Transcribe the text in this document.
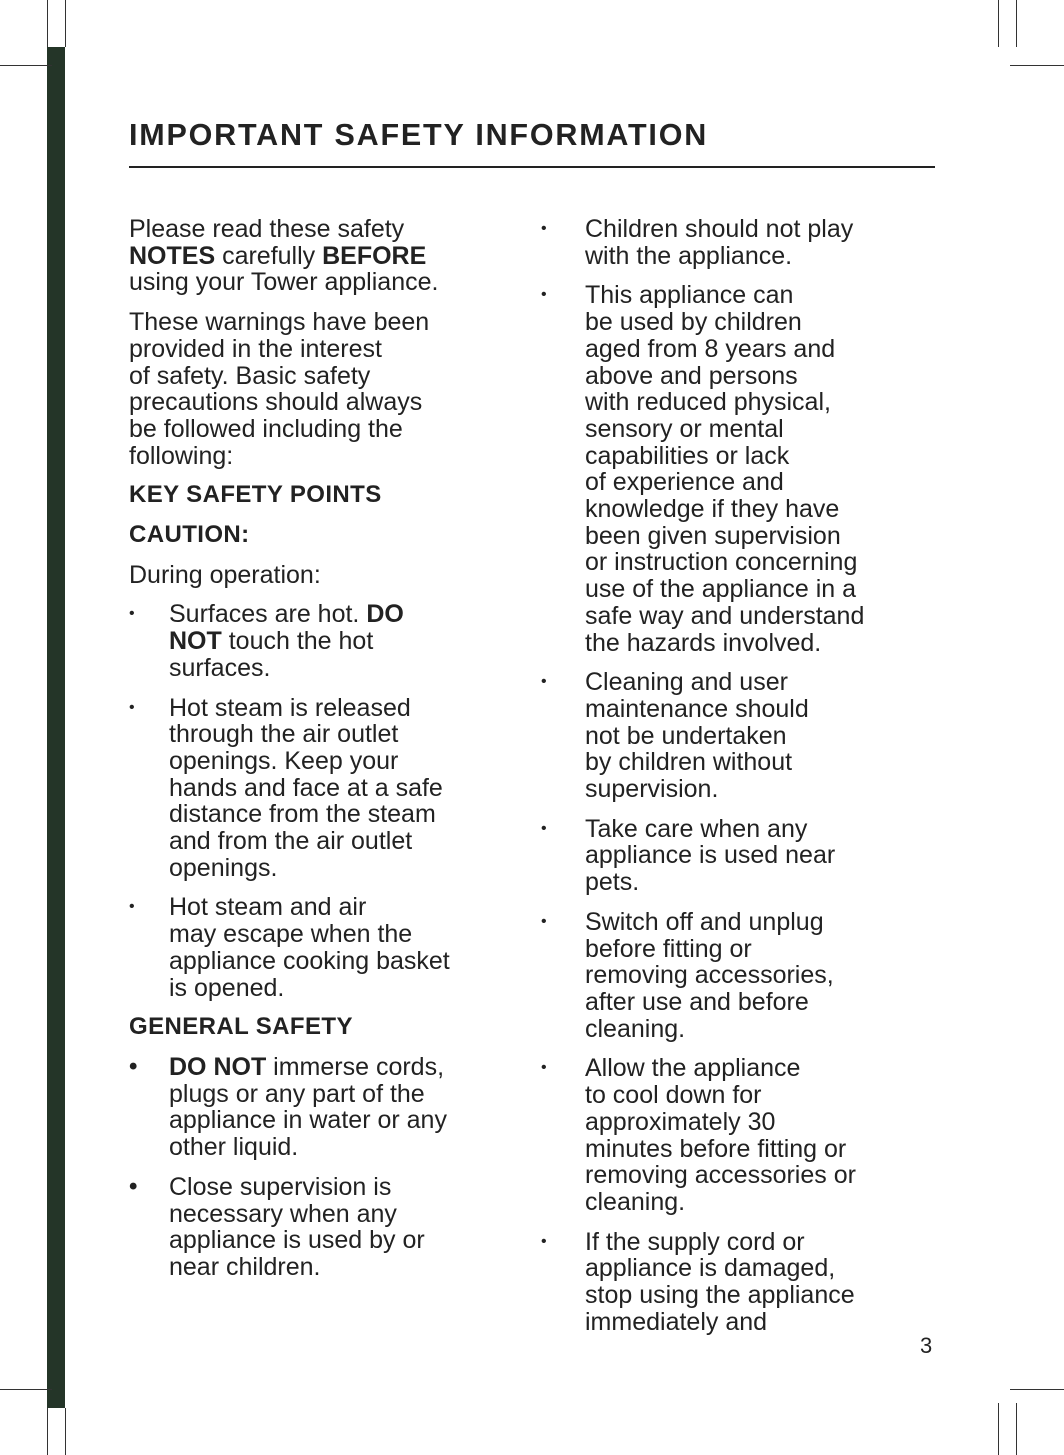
IMPORTANT SAFETY INFORMATION

Please read these safety
NOTES carefully BEFORE
using your Tower appliance.

These warnings have been
provided in the interest
of safety. Basic safety
precautions should always
be followed including the
following:

KEY SAFETY POINTS

CAUTION:

During operation:

•	Surfaces are hot. DO
NOT touch the hot
surfaces.
•	Hot steam is released
through the air outlet
openings. Keep your
hands and face at a safe
distance from the steam
and from the air outlet
openings.
•	Hot steam and air
may escape when the
appliance cooking basket
is opened.

GENERAL SAFETY

•	DO NOT immerse cords,
plugs or any part of the
appliance in water or any
other liquid.
•	Close supervision is
necessary when any
appliance is used by or
near children.
•	Children should not play
with the appliance.
•	This appliance can
be used by children
aged from 8 years and
above and persons
with reduced physical,
sensory or mental
capabilities or lack
of experience and
knowledge if they have
been given supervision
or instruction concerning
use of the appliance in a
safe way and understand
the hazards involved.
•	Cleaning and user
maintenance should
not be undertaken
by children without
supervision.
•	Take care when any
appliance is used near
pets.
•	Switch off and unplug
before fitting or
removing accessories,
after use and before
cleaning.
•	Allow the appliance
to cool down for
approximately 30
minutes before fitting or
removing accessories or
cleaning.
•	If the supply cord or
appliance is damaged,
stop using the appliance
immediately and

3
